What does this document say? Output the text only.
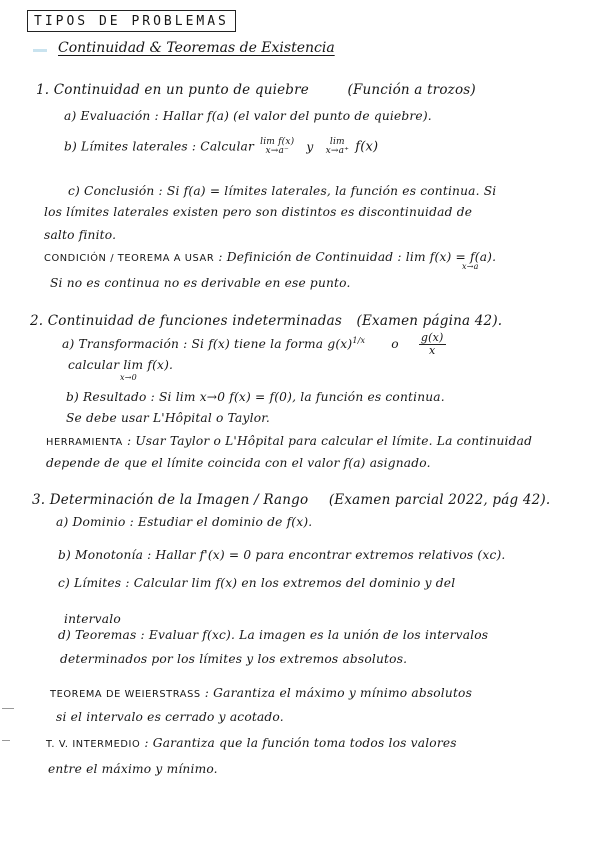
TIPOS DE PROBLEMAS
Continuidad & Teoremas de Existencia
1. Continuidad en un punto de quiebre	(Función a trozos)
a) Evaluación : Hallar f(a) (el valor del punto de quiebre).
b) Límites laterales : Calcular lim f(x)
x→a⁻	y	lim
x→a⁺ f(x)
c) Conclusión : Si f(a) = límites laterales, la función es continua. Si
los límites laterales existen pero son distintos es discontinuidad de
salto finito.
CONDICIÓN / TEOREMA A USAR : Definición de Continuidad : lim f(x) = f(a).
x→a
Si no es continua no es derivable en ese punto.
2. Continuidad de funciones indeterminadas (Examen página 42).
a) Transformación : Si f(x) tiene la forma $g(x)^{1/x}$ o $\frac{g(x)}{x}$
calcular lim f(x).
x→0
b) Resultado : Si lim x→0 f(x) = f(0), la función es continua.
Se debe usar L'Hôpital o Taylor.
HERRAMIENTA : Usar Taylor o L'Hôpital para calcular el límite. La continuidad
depende de que el límite coincida con el valor f(a) asignado.
3. Determinación de la Imagen / Rango (Examen parcial 2022, pág 42).
a) Dominio : Estudiar el dominio de f(x).
b) Monotonía : Hallar f'(x) = 0 para encontrar extremos relativos (xc).
c) Límites : Calcular lim f(x) en los extremos del dominio y del
intervalo
d) Teoremas : Evaluar f(xc). La imagen es la unión de los intervalos
determinados por los límites y los extremos absolutos.
TEOREMA DE WEIERSTRASS : Garantiza el máximo y mínimo absolutos
si el intervalo es cerrado y acotado.
T. V. INTERMEDIO : Garantiza que la función toma todos los valores
entre el máximo y mínimo.
